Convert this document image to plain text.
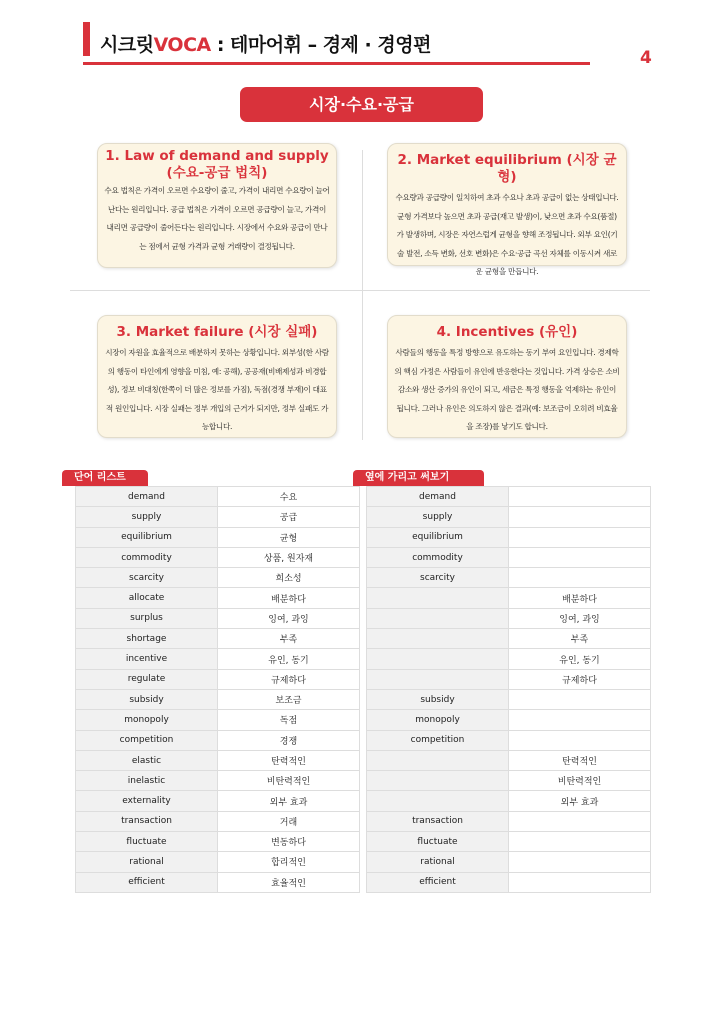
시크릿VOCA : 테마어휘 – 경제 · 경영편
4
시장·수요·공급
1. Law of demand and supply
(수요-공급 법칙)

수요 법칙은 가격이 오르면 수요량이 줄고, 가격이 내리면 수요량이 늘어난다는 원리입니다. 공급 법칙은 가격이 오르면 공급량이 늘고, 가격이 내리면 공급량이 줄어든다는 원리입니다. 시장에서 수요와 공급이 만나는 점에서 균형 가격과 균형 거래량이 결정됩니다.

2. Market equilibrium (시장 균형)

수요량과 공급량이 일치하여 초과 수요나 초과 공급이 없는 상태입니다. 균형 가격보다 높으면 초과 공급(재고 발생)이, 낮으면 초과 수요(품절)가 발생하며, 시장은 자연스럽게 균형을 향해 조정됩니다. 외부 요인(기술 발전, 소득 변화, 선호 변화)은 수요·공급 곡선 자체를 이동시켜 새로운 균형을 만듭니다.

3. Market failure (시장 실패)

시장이 자원을 효율적으로 배분하지 못하는 상황입니다. 외부성(한 사람의 행동이 타인에게 영향을 미침, 예: 공해), 공공재(비배제성과 비경합성), 정보 비대칭(한쪽이 더 많은 정보를 가짐), 독점(경쟁 부재)이 대표적 원인입니다. 시장 실패는 정부 개입의 근거가 되지만, 정부 실패도 가능합니다.

4. Incentives (유인)

사람들의 행동을 특정 방향으로 유도하는 동기 부여 요인입니다. 경제학의 핵심 가정은 사람들이 유인에 반응한다는 것입니다. 가격 상승은 소비 감소와 생산 증가의 유인이 되고, 세금은 특정 행동을 억제하는 유인이 됩니다. 그러나 유인은 의도하지 않은 결과(예: 보조금이 오히려 비효율을 조장)를 낳기도 합니다.

단어 리스트	옆에 가리고 써보기
demand	수요
supply	공급
equilibrium	균형
commodity	상품, 원자재
scarcity	희소성
allocate	배분하다
surplus	잉여, 과잉
shortage	부족
incentive	유인, 동기
regulate	규제하다
subsidy	보조금
monopoly	독점
competition	경쟁
elastic	탄력적인
inelastic	비탄력적인
externality	외부 효과
transaction	거래
fluctuate	변동하다
rational	합리적인
efficient	효율적인
demand	
supply	
equilibrium	
commodity	
scarcity	
	배분하다
	잉여, 과잉
	부족
	유인, 동기
	규제하다
subsidy	
monopoly	
competition	
	탄력적인
	비탄력적인
	외부 효과
transaction	
fluctuate	
rational	
efficient	
